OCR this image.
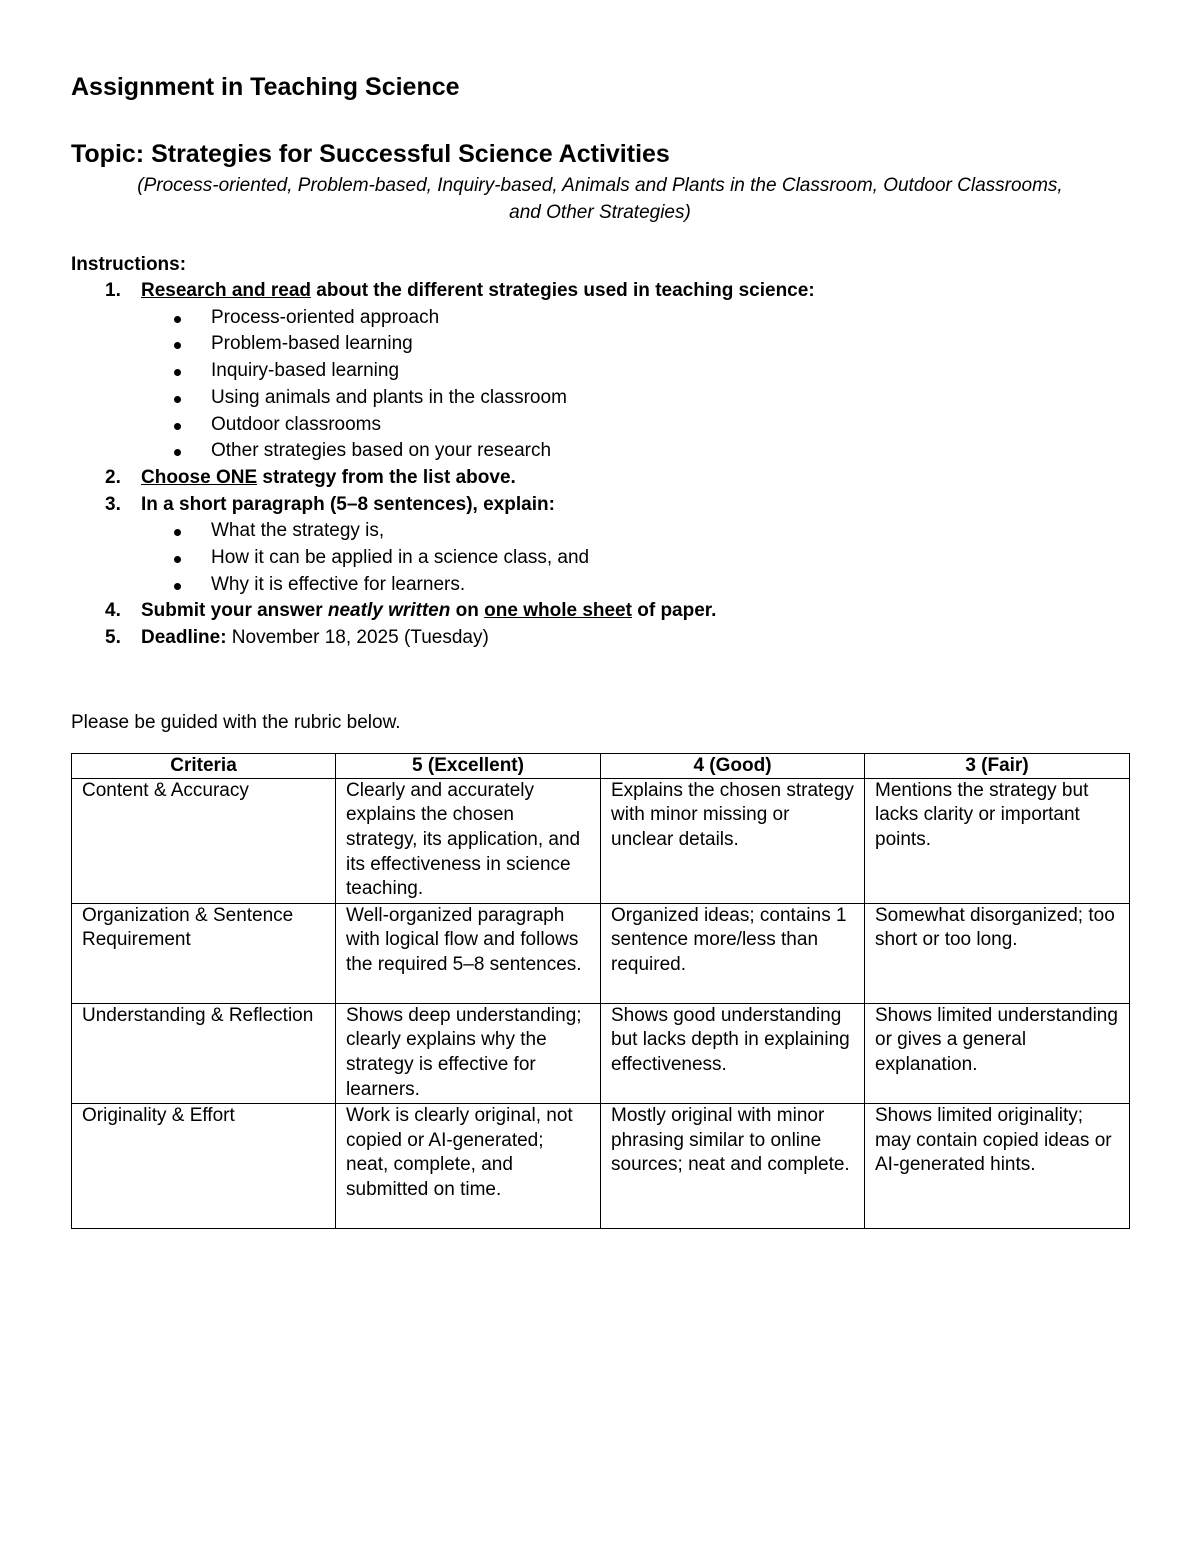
Assignment in Teaching Science
Topic: Strategies for Successful Science Activities

(Process-oriented, Problem-based, Inquiry-based, Animals and Plants in the Classroom, Outdoor Classrooms,
and Other Strategies)

Instructions:
1. Research and read about the different strategies used in teaching science:
Process-oriented approach
Problem-based learning
Inquiry-based learning
Using animals and plants in the classroom
Outdoor classrooms
Other strategies based on your research
2. Choose ONE strategy from the list above.
3. In a short paragraph (5–8 sentences), explain:
What the strategy is,
How it can be applied in a science class, and
Why it is effective for learners.
4. Submit your answer neatly written on one whole sheet of paper.
5. Deadline: November 18, 2025 (Tuesday)
Please be guided with the rubric below.
Criteria	5 (Excellent)	4 (Good)	3 (Fair)
Content & Accuracy	Clearly and accurately explains the chosen strategy, its application, and its effectiveness in science teaching.	Explains the chosen strategy with minor missing or unclear details.	Mentions the strategy but lacks clarity or important points.
Organization & Sentence Requirement	Well-organized paragraph with logical flow and follows the required 5–8 sentences.	Organized ideas; contains 1 sentence more/less than required.	Somewhat disorganized; too short or too long.
Understanding & Reflection	Shows deep understanding; clearly explains why the strategy is effective for learners.	Shows good understanding but lacks depth in explaining effectiveness.	Shows limited understanding or gives a general explanation.
Originality & Effort	Work is clearly original, not copied or AI-generated; neat, complete, and submitted on time.	Mostly original with minor phrasing similar to online sources; neat and complete.	Shows limited originality; may contain copied ideas or AI-generated hints.
